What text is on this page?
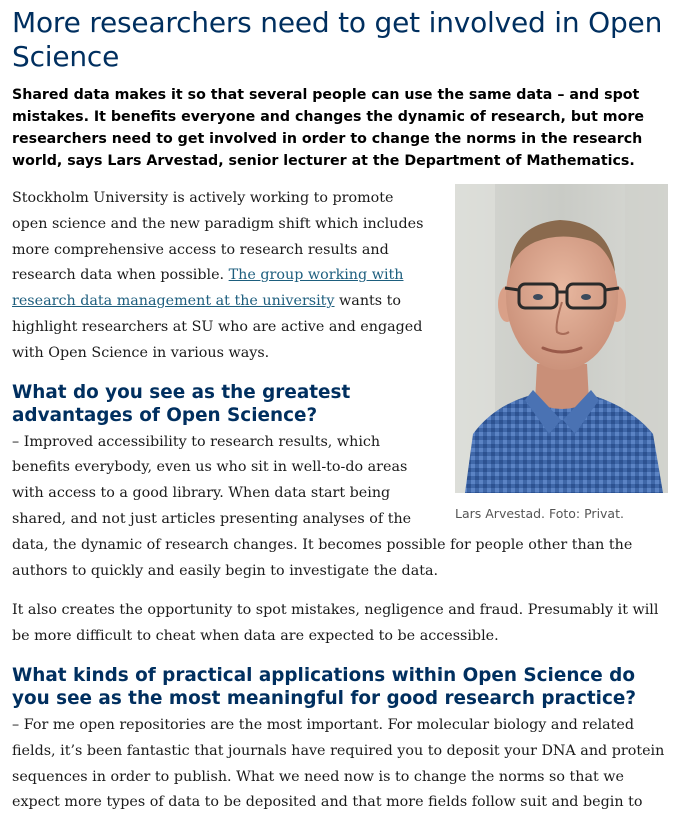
More researchers need to get involved in Open Science

Shared data makes it so that several people can use the same data – and spot mistakes. It benefits everyone and changes the dynamic of research, but more researchers need to get involved in order to change the norms in the research world, says Lars Arvestad, senior lecturer at the Department of Mathematics.

Lars Arvestad. Foto: Privat.

Stockholm University is actively working to promote open science and the new paradigm shift which includes more comprehensive access to research results and research data when possible. The group working with research data management at the university wants to highlight researchers at SU who are active and engaged with Open Science in various ways.

What do you see as the greatest advantages of Open Science?

– Improved accessibility to research results, which benefits everybody, even us who sit in well-to-do areas with access to a good library. When data start being shared, and not just articles presenting analyses of the data, the dynamic of research changes. It becomes possible for people other than the authors to quickly and easily begin to investigate the data.

It also creates the opportunity to spot mistakes, negligence and fraud. Presumably it will be more difficult to cheat when data are expected to be accessible.

What kinds of practical applications within Open Science do you see as the most meaningful for good research practice?

– For me open repositories are the most important. For molecular biology and related fields, it’s been fantastic that journals have required you to deposit your DNA and protein sequences in order to publish. What we need now is to change the norms so that we expect more types of data to be deposited and that more fields follow suit and begin to
